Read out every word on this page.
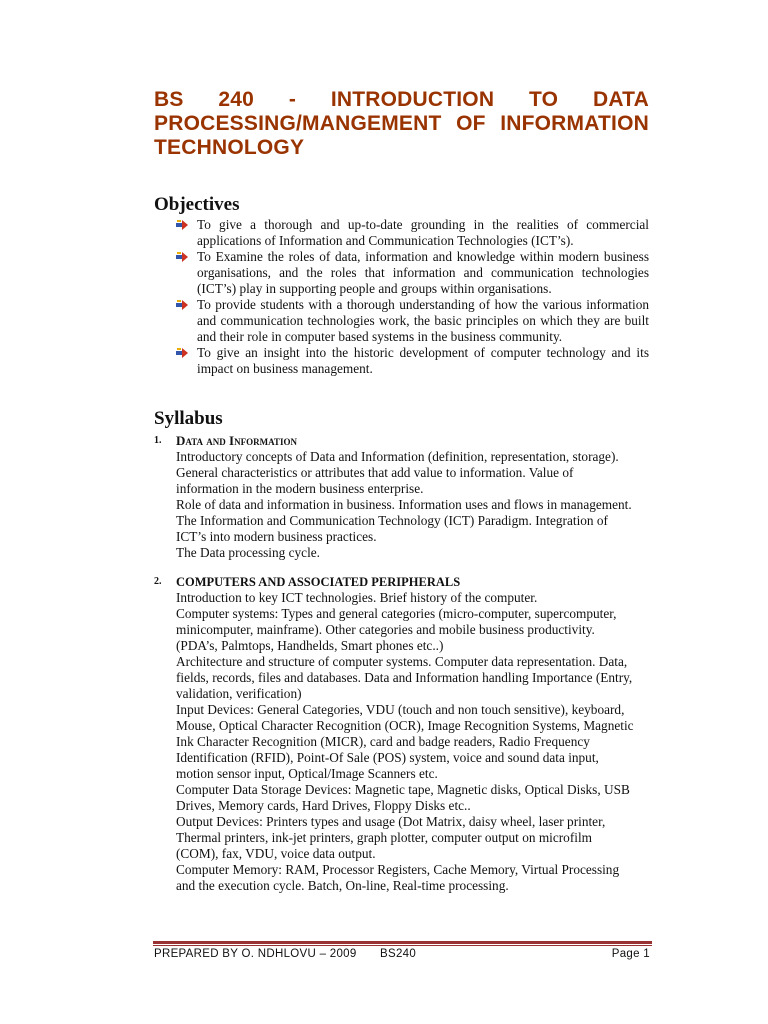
BS 240 - INTRODUCTION TO DATA
PROCESSING/MANGEMENT OF INFORMATION
TECHNOLOGY
Objectives
To give a thorough and up-to-date grounding in the realities of commercial applications of Information and Communication Technologies (ICT’s).
To Examine the roles of data, information and knowledge within modern business organisations, and the roles that information and communication technologies (ICT’s) play in supporting people and groups within organisations.
To provide students with a thorough understanding of how the various information and communication technologies work, the basic principles on which they are built and their role in computer based systems in the business community.
To give an insight into the historic development of computer technology and its impact on business management.
Syllabus
1. Data and Information

Introductory concepts of Data and Information (definition, representation, storage).

General characteristics or attributes that add value to information. Value of

information in the modern business enterprise.

Role of data and information in business. Information uses and flows in management.

The Information and Communication Technology (ICT) Paradigm. Integration of

ICT’s into modern business practices.

The Data processing cycle.

2. COMPUTERS AND ASSOCIATED PERIPHERALS

Introduction to key ICT technologies. Brief history of the computer.

Computer systems: Types and general categories (micro-computer, supercomputer,

minicomputer, mainframe). Other categories and mobile business productivity.

(PDA’s, Palmtops, Handhelds, Smart phones etc..)

Architecture and structure of computer systems. Computer data representation. Data,

fields, records, files and databases. Data and Information handling Importance (Entry,

validation, verification)

Input Devices: General Categories, VDU (touch and non touch sensitive), keyboard,

Mouse, Optical Character Recognition (OCR), Image Recognition Systems, Magnetic

Ink Character Recognition (MICR), card and badge readers, Radio Frequency

Identification (RFID), Point-Of Sale (POS) system, voice and sound data input,

motion sensor input, Optical/Image Scanners etc.

Computer Data Storage Devices: Magnetic tape, Magnetic disks, Optical Disks, USB

Drives, Memory cards, Hard Drives, Floppy Disks etc..

Output Devices: Printers types and usage (Dot Matrix, daisy wheel, laser printer,

Thermal printers, ink-jet printers, graph plotter, computer output on microfilm

(COM), fax, VDU, voice data output.

Computer Memory: RAM, Processor Registers, Cache Memory, Virtual Processing

and the execution cycle. Batch, On-line, Real-time processing.

PREPARED BY O. NDHLOVU – 2009 BS240	Page 1
